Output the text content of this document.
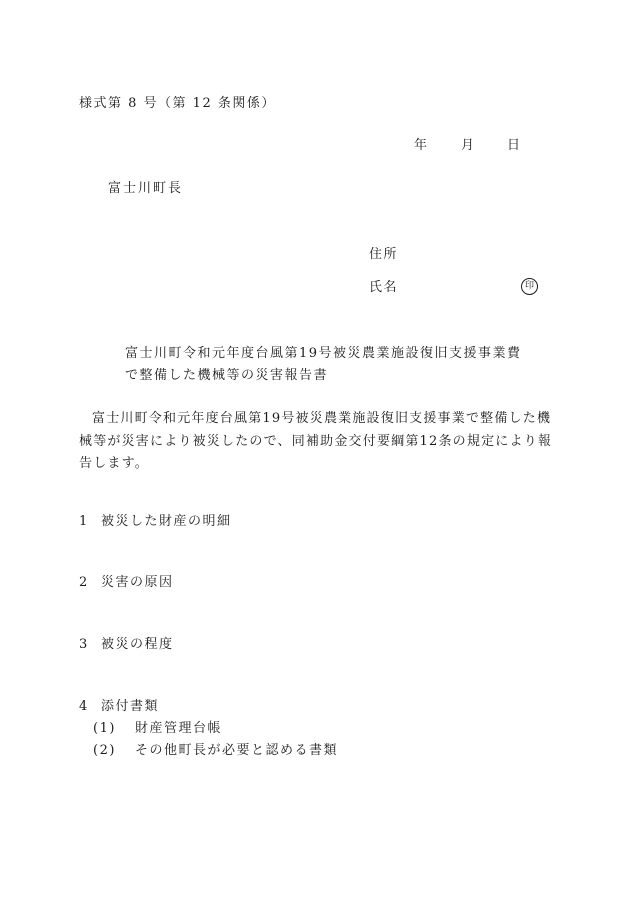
様式第 8 号（第 12 条関係）
年 月 日
富士川町長
住所
氏名	印
富士川町令和元年度台風第19号被災農業施設復旧支援事業費
で整備した機械等の災害報告書
富士川町令和元年度台風第19号被災農業施設復旧支援事業で整備した機械等が災害により被災したので、同補助金交付要綱第12条の規定により報告します。
1 被災した財産の明細
2 災害の原因
3 被災の程度
4 添付書類
(1) 財産管理台帳
(2) その他町長が必要と認める書類
